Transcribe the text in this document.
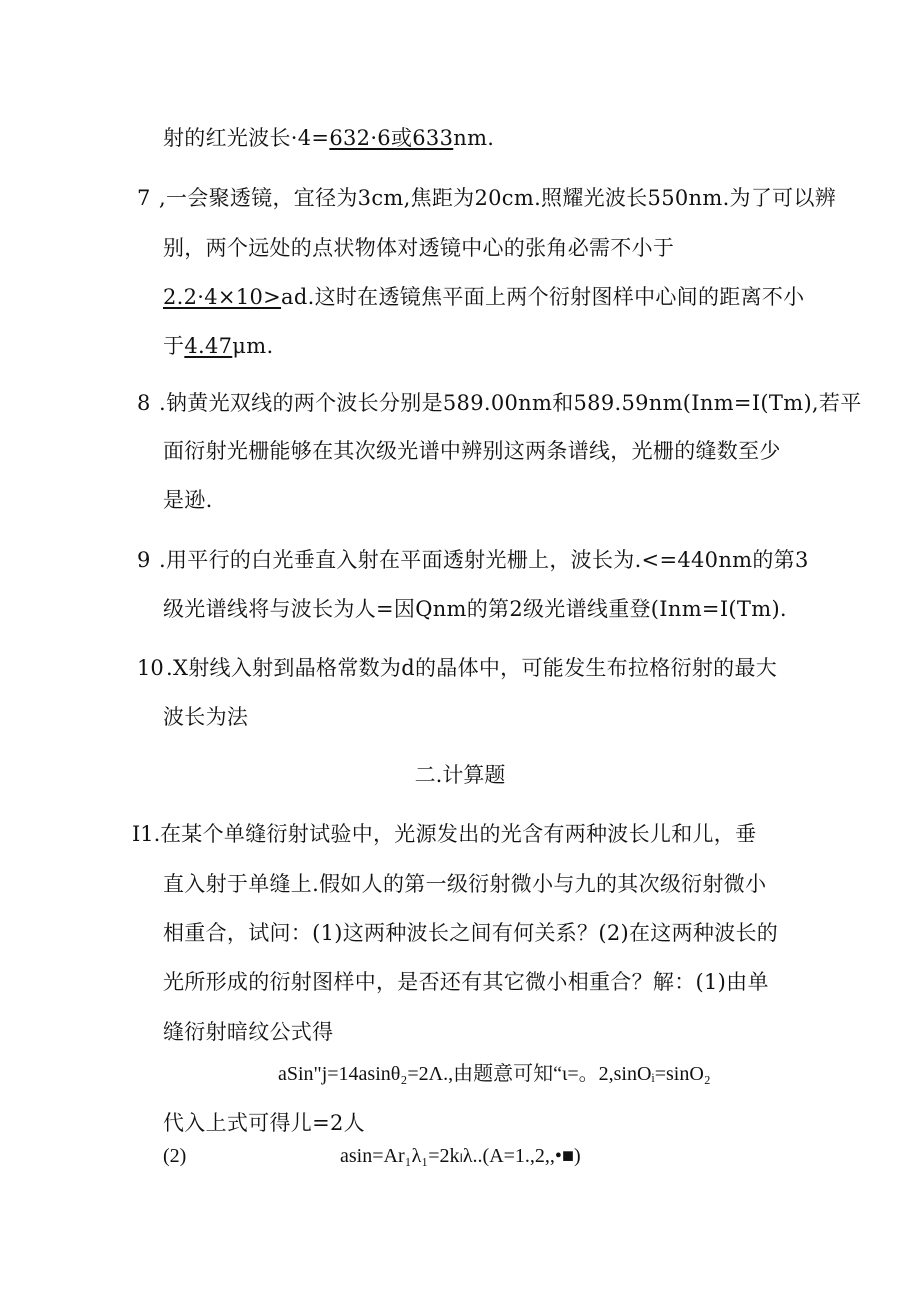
射的红光波长·4=632·6或633nm.
7 ,一会聚透镜，宜径为3cm,焦距为20cm.照耀光波长550nm.为了可以辨
别，两个远处的点状物体对透镜中心的张角必需不小于
2.2·4×10>ad.这时在透镜焦平面上两个衍射图样中心间的距离不小
于4.47μm.
8 .钠黄光双线的两个波长分别是589.00nm和589.59nm(Inm=I(Tm),若平
面衍射光栅能够在其次级光谱中辨别这两条谱线，光栅的缝数至少
是逊.
9 .用平行的白光垂直入射在平面透射光栅上，波长为.<=440nm的第3
级光谱线将与波长为人=因Qnm的第2级光谱线重登(Inm=I(Tm).
10 .X射线入射到晶格常数为d的晶体中，可能发生布拉格衍射的最大
波长为法
二.计算题
I1. 在某个单缝衍射试验中，光源发出的光含有两种波长儿和儿，垂
直入射于单缝上.假如人的第一级衍射微小与九的其次级衍射微小
相重合，试问：(1)这两种波长之间有何关系？(2)在这两种波长的
光所形成的衍射图样中，是否还有其它微小相重合？解：(1)由单
缝衍射暗纹公式得
aSin"j=14asinθ₂=2Λ.,由题意可知“ι=。2,sinOᵢ=sinO₂
代入上式可得儿=2人
(2)	asin=Ar₁λ₁=2kₗλ..(A=1.,2,,•■)
